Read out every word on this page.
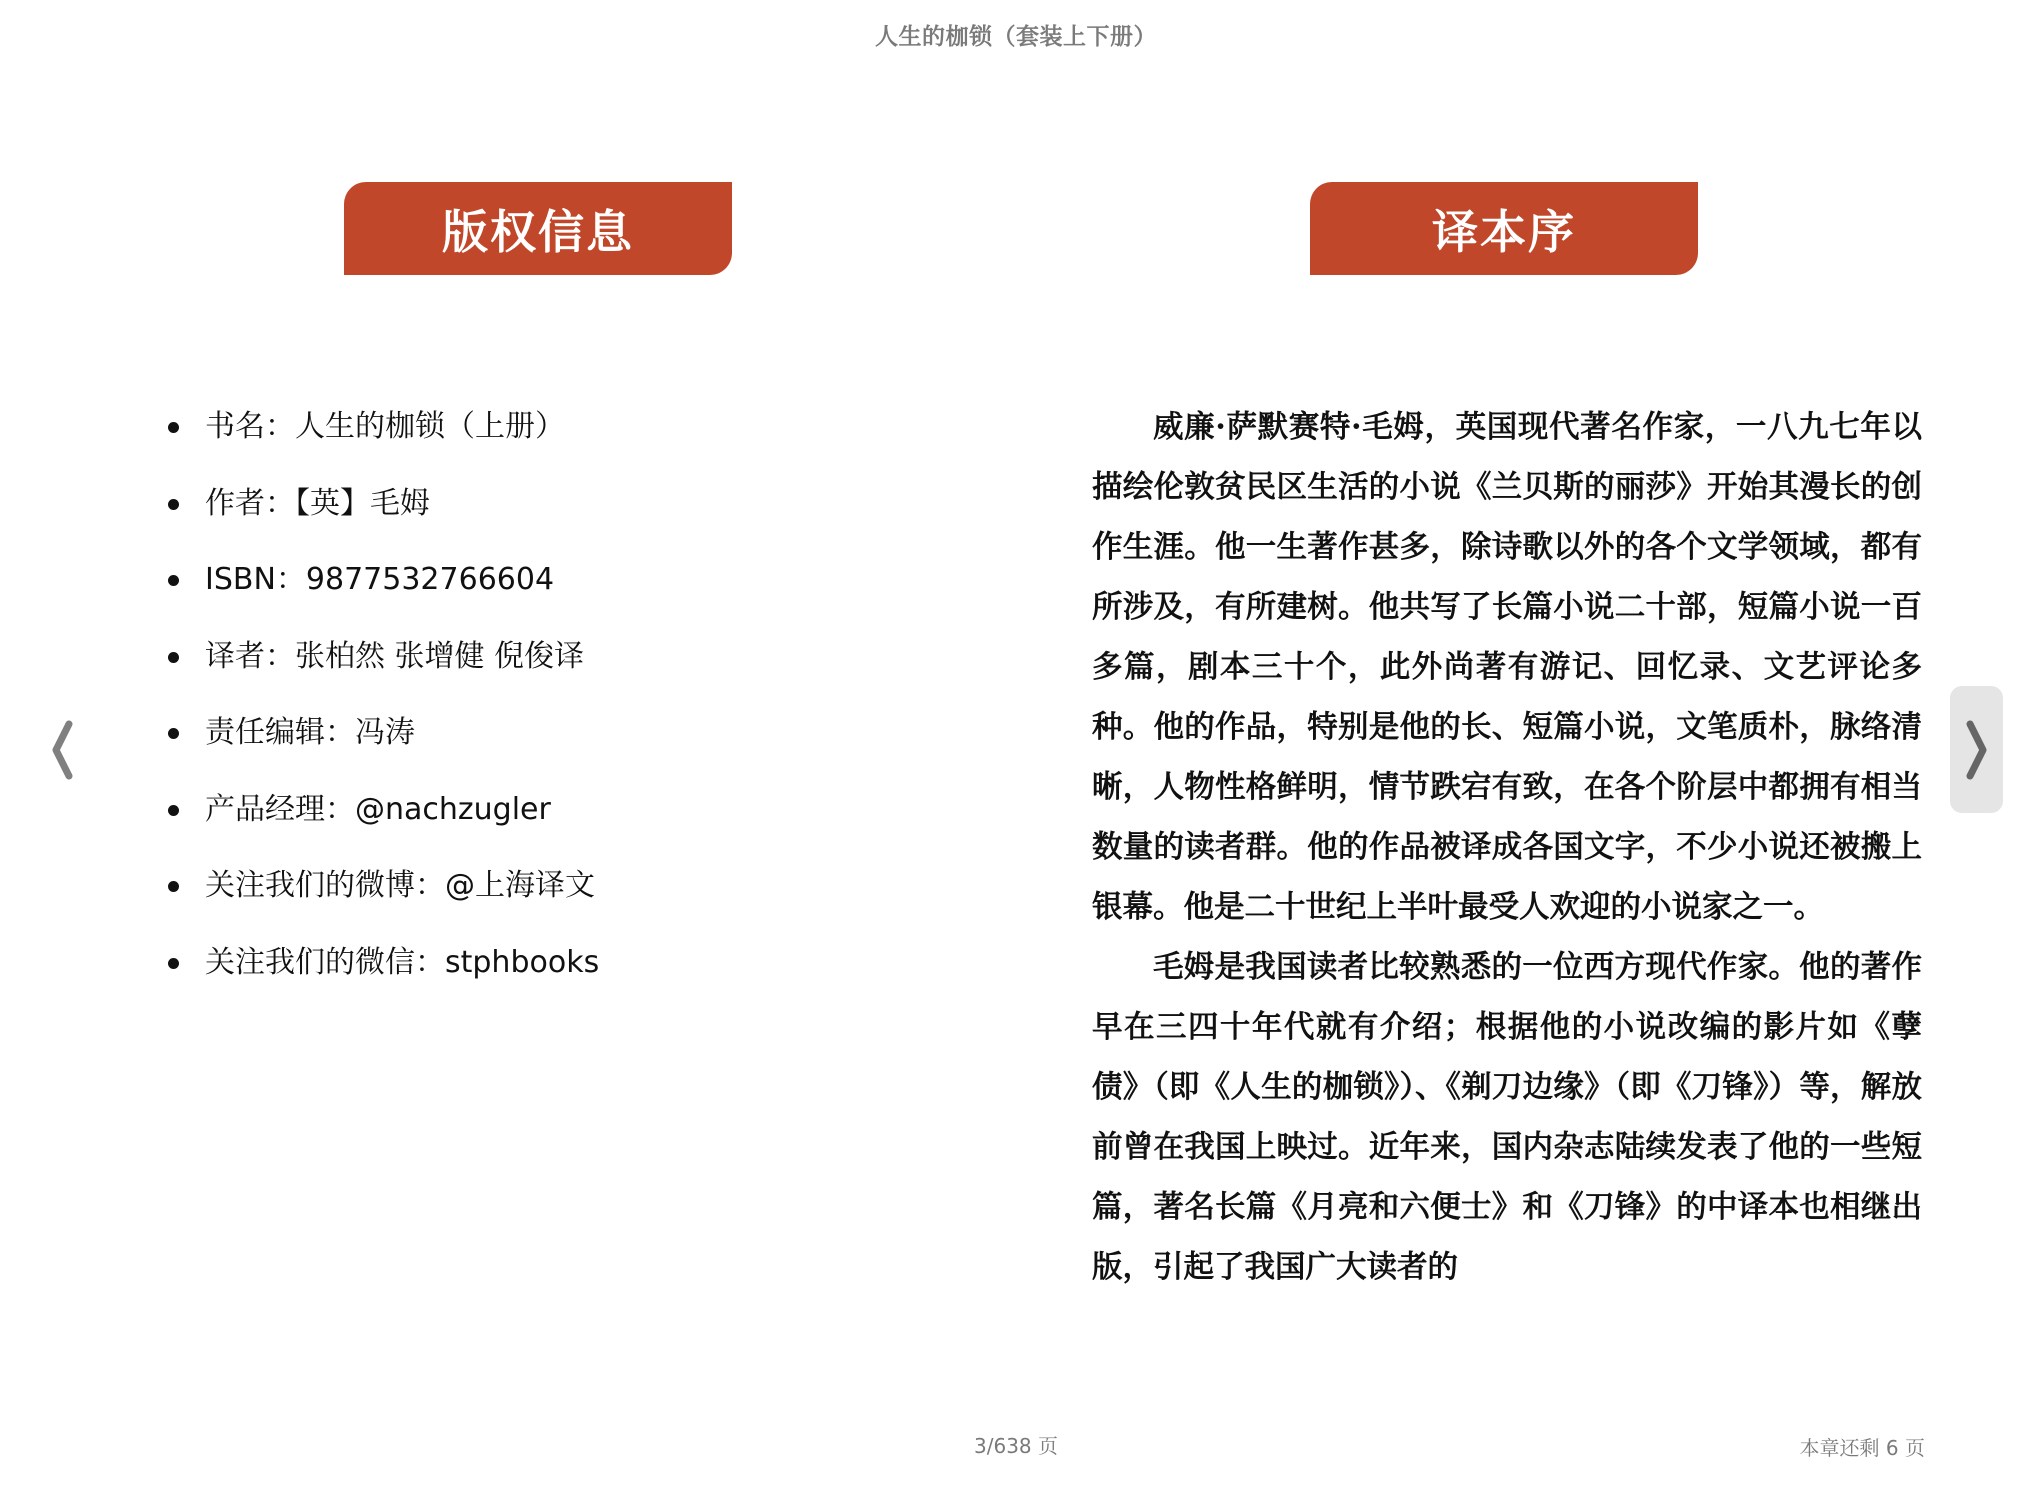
人生的枷锁（套装上下册）
版权信息
书名：人生的枷锁（上册）
作者：【英】毛姆
ISBN：9877532766604
译者：张柏然 张增健 倪俊译
责任编辑：冯涛
产品经理：@nachzugler
关注我们的微博：@上海译文
关注我们的微信：stphbooks
译本序

威廉·萨默赛特·毛姆，英国现代著名作家，一八九七年以描绘伦敦贫民区生活的小说《兰贝斯的丽莎》开始其漫长的创作生涯。他一生著作甚多，除诗歌以外的各个文学领域，都有所涉及，有所建树。他共写了长篇小说二十部，短篇小说一百多篇，剧本三十个，此外尚著有游记、回忆录、文艺评论多种。他的作品，特别是他的长、短篇小说，文笔质朴，脉络清晰，人物性格鲜明，情节跌宕有致，在各个阶层中都拥有相当数量的读者群。他的作品被译成各国文字，不少小说还被搬上银幕。他是二十世纪上半叶最受人欢迎的小说家之一。

毛姆是我国读者比较熟悉的一位西方现代作家。他的著作早在三四十年代就有介绍；根据他的小说改编的影片如《孽债》（即《人生的枷锁》）、《剃刀边缘》（即《刀锋》）等，解放前曾在我国上映过。近年来，国内杂志陆续发表了他的一些短篇，著名长篇《月亮和六便士》和《刀锋》的中译本也相继出版，引起了我国广大读者的

3/638 页	本章还剩 6 页
